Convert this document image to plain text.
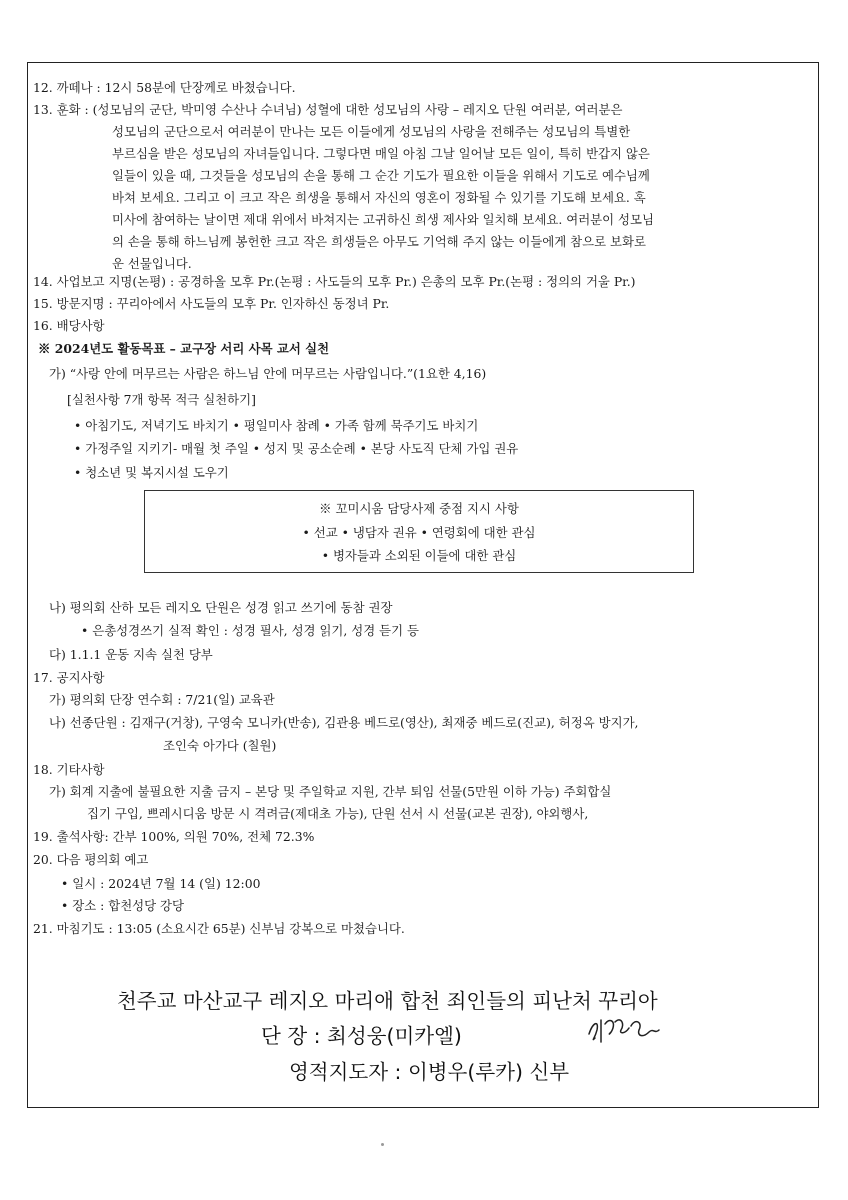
12. 까떼나 : 12시 58분에 단장께로 바쳤습니다.
13. 훈화 : (성모님의 군단, 박미영 수산나 수녀님) 성혈에 대한 성모님의 사랑 – 레지오 단원 여러분, 여러분은
성모님의 군단으로서 여러분이 만나는 모든 이들에게 성모님의 사랑을 전해주는 성모님의 특별한
부르심을 받은 성모님의 자녀들입니다. 그렇다면 매일 아침 그날 일어날 모든 일이, 특히 반갑지 않은
일들이 있을 때, 그것들을 성모님의 손을 통해 그 순간 기도가 필요한 이들을 위해서 기도로 예수님께
바쳐 보세요. 그리고 이 크고 작은 희생을 통해서 자신의 영혼이 정화될 수 있기를 기도해 보세요. 혹
미사에 참여하는 날이면 제대 위에서 바쳐지는 고귀하신 희생 제사와 일치해 보세요. 여러분이 성모님
의 손을 통해 하느님께 봉헌한 크고 작은 희생들은 아무도 기억해 주지 않는 이들에게 참으로 보화로
운 선물입니다.
14. 사업보고 지명(논평) : 공경하올 모후 Pr.(논평 : 사도들의 모후 Pr.) 은총의 모후 Pr.(논평 : 정의의 거울 Pr.)
15. 방문지명 : 꾸리아에서 사도들의 모후 Pr. 인자하신 동정녀 Pr.
16. 배당사항
※ 2024년도 활동목표 – 교구장 서리 사목 교서 실천
가) “사랑 안에 머무르는 사람은 하느님 안에 머무르는 사람입니다.”(1요한 4,16)
[실천사항 7개 항목 적극 실천하기]
• 아침기도, 저녁기도 바치기 • 평일미사 참례 • 가족 함께 묵주기도 바치기
• 가정주일 지키기- 매월 첫 주일 • 성지 및 공소순례 • 본당 사도직 단체 가입 권유
• 청소년 및 복지시설 도우기
※ 꼬미시움 담당사제 중점 지시 사항
• 선교 • 냉담자 권유 • 연령회에 대한 관심
• 병자들과 소외된 이들에 대한 관심
나) 평의회 산하 모든 레지오 단원은 성경 읽고 쓰기에 동참 권장
• 은총성경쓰기 실적 확인 : 성경 필사, 성경 읽기, 성경 듣기 등
다) 1.1.1 운동 지속 실천 당부
17. 공지사항
가) 평의회 단장 연수회 : 7/21(일) 교육관
나) 선종단원 : 김재구(거창), 구영숙 모니카(반송), 김관용 베드로(영산), 최재중 베드로(진교), 허정옥 방지가,
조인숙 아가다 (칠원)
18. 기타사항
가) 회계 지출에 불필요한 지출 금지 – 본당 및 주일학교 지원, 간부 퇴임 선물(5만원 이하 가능) 주회합실
집기 구입, 쁘레시디움 방문 시 격려금(제대초 가능), 단원 선서 시 선물(교본 권장), 야외행사,
19. 출석사항: 간부 100%, 의원 70%, 전체 72.3%
20. 다음 평의회 예고
• 일시 : 2024년 7월 14 (일) 12:00
• 장소 : 합천성당 강당
21. 마침기도 : 13:05 (소요시간 65분) 신부님 강복으로 마쳤습니다.
천주교 마산교구 레지오 마리애 합천 죄인들의 피난처 꾸리아
단 장 : 최성웅(미카엘)
영적지도자 : 이병우(루카) 신부
